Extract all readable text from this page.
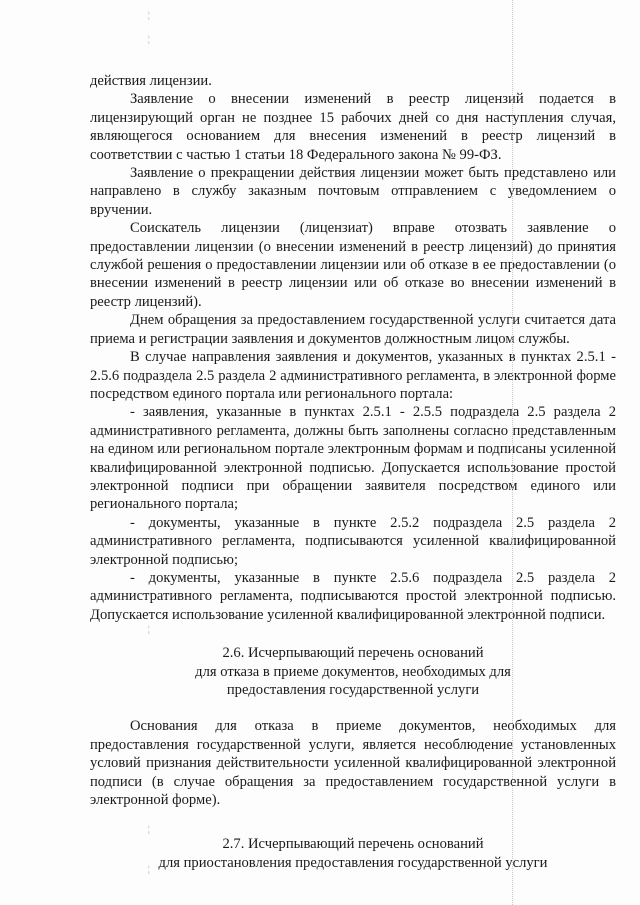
¦
¦
¦
¦
¦

действия лицензии.

Заявление о внесении изменений в реестр лицензий подается в лицензирующий орган не позднее 15 рабочих дней со дня наступления случая, являющегося основанием для внесения изменений в реестр лицензий в соответствии с частью 1 статьи 18 Федерального закона № 99-ФЗ.

Заявление о прекращении действия лицензии может быть представлено или направлено в службу заказным почтовым отправлением с уведомлением о вручении.

Соискатель лицензии (лицензиат) вправе отозвать заявление о предоставлении лицензии (о внесении изменений в реестр лицензий) до принятия службой решения о предоставлении лицензии или об отказе в ее предоставлении (о внесении изменений в реестр лицензии или об отказе во внесении изменений в реестр лицензий).

Днем обращения за предоставлением государственной услуги считается дата приема и регистрации заявления и документов должностным лицом службы.

В случае направления заявления и документов, указанных в пунктах 2.5.1 - 2.5.6 подраздела 2.5 раздела 2 административного регламента, в электронной форме посредством единого портала или регионального портала:

- заявления, указанные в пунктах 2.5.1 - 2.5.5 подраздела 2.5 раздела 2 административного регламента, должны быть заполнены согласно представленным на едином или региональном портале электронным формам и подписаны усиленной квалифицированной электронной подписью. Допускается использование простой электронной подписи при обращении заявителя посредством единого или регионального портала;

- документы, указанные в пункте 2.5.2 подраздела 2.5 раздела 2 административного регламента, подписываются усиленной квалифицированной электронной подписью;

- документы, указанные в пункте 2.5.6 подраздела 2.5 раздела 2 административного регламента, подписываются простой электронной подписью. Допускается использование усиленной квалифицированной электронной подписи.

2.6. Исчерпывающий перечень оснований
для отказа в приеме документов, необходимых для
предоставления государственной услуги

Основания для отказа в приеме документов, необходимых для предоставления государственной услуги, является несоблюдение установленных условий признания действительности усиленной квалифицированной электронной подписи (в случае обращения за предоставлением государственной услуги в электронной форме).

2.7. Исчерпывающий перечень оснований
для приостановления предоставления государственной услуги
